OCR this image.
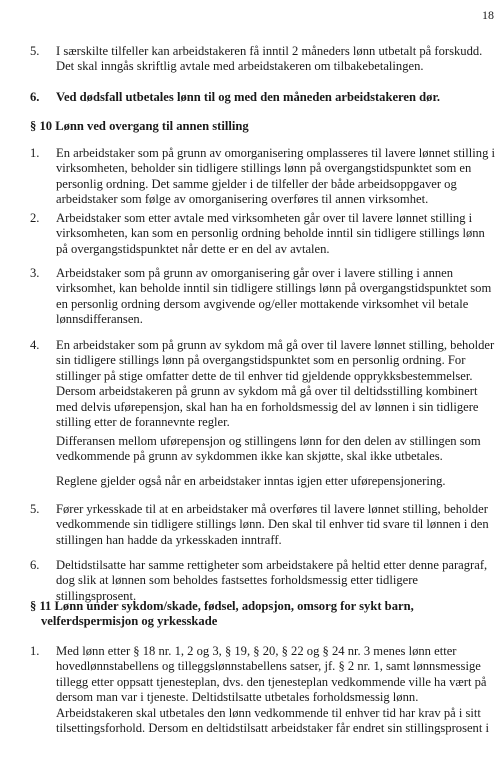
18
5.	I særskilte tilfeller kan arbeidstakeren få inntil 2 måneders lønn utbetalt på forskudd. Det skal inngås skriftlig avtale med arbeidstakeren om tilbakebetalingen.
6.	Ved dødsfall utbetales lønn til og med den måneden arbeidstakeren dør.
§ 10 Lønn ved overgang til annen stilling
1.	En arbeidstaker som på grunn av omorganisering omplasseres til lavere lønnet stilling i virksomheten, beholder sin tidligere stillings lønn på overgangstidspunktet som en personlig ordning. Det samme gjelder i de tilfeller der både arbeidsoppgaver og arbeidstaker som følge av omorganisering overføres til annen virksomhet.
2.	Arbeidstaker som etter avtale med virksomheten går over til lavere lønnet stilling i virksomheten, kan som en personlig ordning beholde inntil sin tidligere stillings lønn på overgangstidspunktet når dette er en del av avtalen.
3.	Arbeidstaker som på grunn av omorganisering går over i lavere stilling i annen virksomhet, kan beholde inntil sin tidligere stillings lønn på overgangstidspunktet som en personlig ordning dersom avgivende og/eller mottakende virksomhet vil betale lønnsdifferansen.
4.	En arbeidstaker som på grunn av sykdom må gå over til lavere lønnet stilling, beholder sin tidligere stillings lønn på overgangstidspunktet som en personlig ordning. For stillinger på stige omfatter dette de til enhver tid gjeldende opprykksbestemmelser. Dersom arbeidstakeren på grunn av sykdom må gå over til deltidsstilling kombinert med delvis uførepensjon, skal han ha en forholdsmessig del av lønnen i sin tidligere stilling etter de forannevnte regler.
Differansen mellom uførepensjon og stillingens lønn for den delen av stillingen som vedkommende på grunn av sykdommen ikke kan skjøtte, skal ikke utbetales.
Reglene gjelder også når en arbeidstaker inntas igjen etter uførepensjonering.
5.	Fører yrkesskade til at en arbeidstaker må overføres til lavere lønnet stilling, beholder vedkommende sin tidligere stillings lønn. Den skal til enhver tid svare til lønnen i den stillingen han hadde da yrkesskaden inntraff.
6.	Deltidstilsatte har samme rettigheter som arbeidstakere på heltid etter denne paragraf, dog slik at lønnen som beholdes fastsettes forholdsmessig etter tidligere stillingsprosent.
§ 11 Lønn under sykdom/skade, fødsel, adopsjon, omsorg for sykt barn,
velferdspermisjon og yrkesskade
1.	Med lønn etter § 18 nr. 1, 2 og 3, § 19, § 20, § 22 og § 24 nr. 3 menes lønn etter hovedlønnstabellens og tilleggslønnstabellens satser, jf. § 2 nr. 1, samt lønnsmessige tillegg etter oppsatt tjenesteplan, dvs. den tjenesteplan vedkommende ville ha vært på dersom man var i tjeneste. Deltidstilsatte utbetales forholdsmessig lønn. Arbeidstakeren skal utbetales den lønn vedkommende til enhver tid har krav på i sitt tilsettingsforhold. Dersom en deltidstilsatt arbeidstaker får endret sin stillingsprosent i
